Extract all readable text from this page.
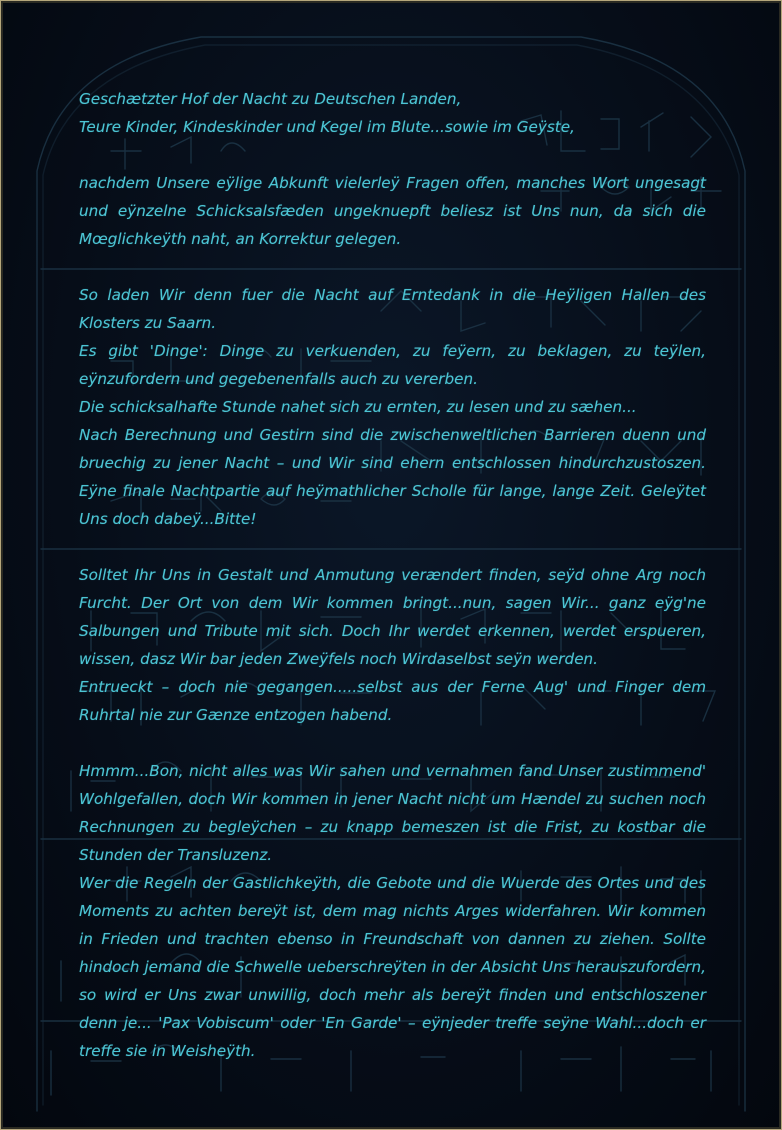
Geschætzter Hof der Nacht zu Deutschen Landen,

Teure Kinder, Kindeskinder und Kegel im Blute...sowie im Geÿste,

nachdem Unsere eÿlige Abkunft vielerleÿ Fragen offen, manches Wort ungesagt und eÿnzelne Schicksalsfæden ungeknuepft beliesz ist Uns nun, da sich die Mœglichkeÿth naht, an Korrektur gelegen.

So laden Wir denn fuer die Nacht auf Erntedank in die Heÿligen Hallen des Klosters zu Saarn.

Es gibt 'Dinge': Dinge zu verkuenden, zu feÿern, zu beklagen, zu teÿlen, eÿnzufordern und gegebenenfalls auch zu vererben.

Die schicksalhafte Stunde nahet sich zu ernten, zu lesen und zu sæhen...

Nach Berechnung und Gestirn sind die zwischenweltlichen Barrieren duenn und bruechig zu jener Nacht – und Wir sind ehern entschlossen hindurchzustoszen. Eÿne finale Nachtpartie auf heÿmathlicher Scholle für lange, lange Zeit. Geleÿtet Uns doch dabeÿ...Bitte!

Solltet Ihr Uns in Gestalt und Anmutung verændert finden, seÿd ohne Arg noch Furcht. Der Ort von dem Wir kommen bringt...nun, sagen Wir... ganz eÿg'ne Salbungen und Tribute mit sich. Doch Ihr werdet erkennen, werdet erspueren, wissen, dasz Wir bar jeden Zweÿfels noch Wirdaselbst seÿn werden.

Entrueckt – doch nie gegangen.....selbst aus der Ferne Aug' und Finger dem Ruhrtal nie zur Gænze entzogen habend.

Hmmm...Bon, nicht alles was Wir sahen und vernahmen fand Unser zustimmend' Wohlgefallen, doch Wir kommen in jener Nacht nicht um Hændel zu suchen noch Rechnungen zu begleÿchen – zu knapp bemeszen ist die Frist, zu kostbar die Stunden der Transluzenz.

Wer die Regeln der Gastlichkeÿth, die Gebote und die Wuerde des Ortes und des Moments zu achten bereÿt ist, dem mag nichts Arges widerfahren. Wir kommen in Frieden und trachten ebenso in Freundschaft von dannen zu ziehen. Sollte hindoch jemand die Schwelle ueberschreÿten in der Absicht Uns herauszufordern, so wird er Uns zwar unwillig, doch mehr als bereÿt finden und entschloszener denn je... 'Pax Vobiscum' oder 'En Garde' – eÿnjeder treffe seÿne Wahl...doch er treffe sie in Weisheÿth.
